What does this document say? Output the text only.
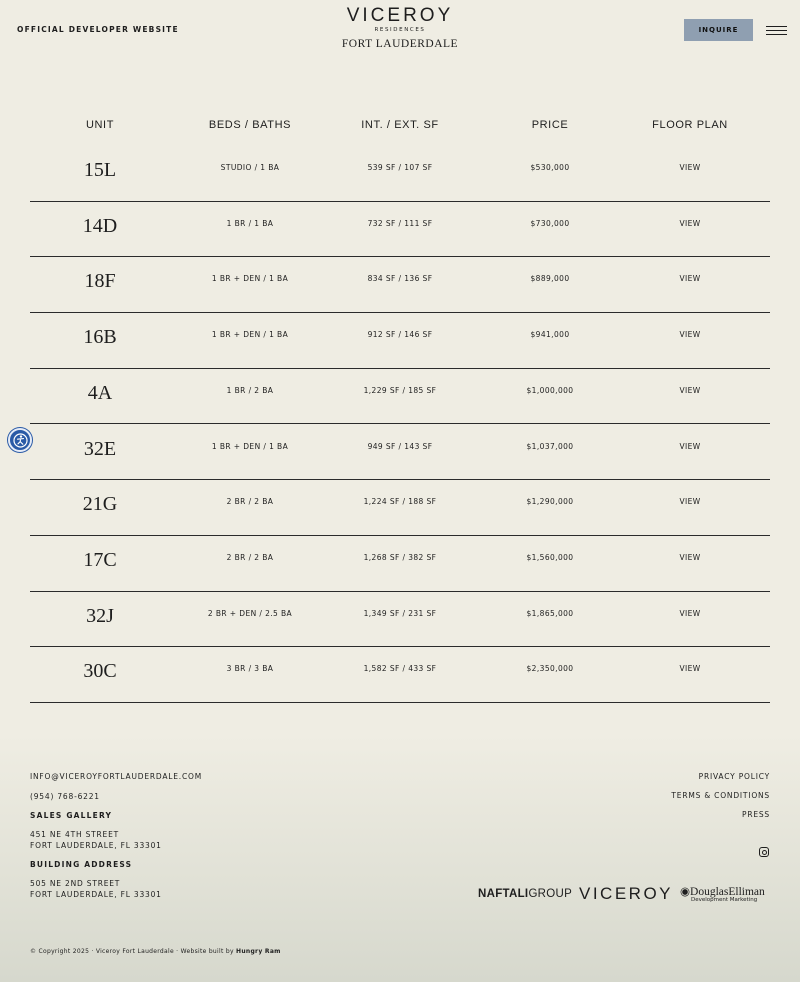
OFFICIAL DEVELOPER WEBSITE
VICEROY
RESIDENCES
FORT LAUDERDALE
INQUIRE
UNIT	BEDS / BATHS	INT. / EXT. SF	PRICE	FLOOR PLAN
15L	STUDIO / 1 BA	539 SF / 107 SF	$530,000	VIEW
14D	1 BR / 1 BA	732 SF / 111 SF	$730,000	VIEW
18F	1 BR + DEN / 1 BA	834 SF / 136 SF	$889,000	VIEW
16B	1 BR + DEN / 1 BA	912 SF / 146 SF	$941,000	VIEW
4A	1 BR / 2 BA	1,229 SF / 185 SF	$1,000,000	VIEW
32E	1 BR + DEN / 1 BA	949 SF / 143 SF	$1,037,000	VIEW
21G	2 BR / 2 BA	1,224 SF / 188 SF	$1,290,000	VIEW
17C	2 BR / 2 BA	1,268 SF / 382 SF	$1,560,000	VIEW
32J	2 BR + DEN / 2.5 BA	1,349 SF / 231 SF	$1,865,000	VIEW
30C	3 BR / 3 BA	1,582 SF / 433 SF	$2,350,000	VIEW
INFO@VICEROYFORTLAUDERDALE.COM
(954) 768-6221
SALES GALLERY
451 NE 4TH STREET
FORT LAUDERDALE, FL 33301
BUILDING ADDRESS
505 NE 2ND STREET
FORT LAUDERDALE, FL 33301
PRIVACY POLICY
TERMS & CONDITIONS
PRESS
NAFTALIGROUP VICEROY ◉DouglasElliman
Development Marketing
© Copyright 2025 · Viceroy Fort Lauderdale · Website built by Hungry Ram
